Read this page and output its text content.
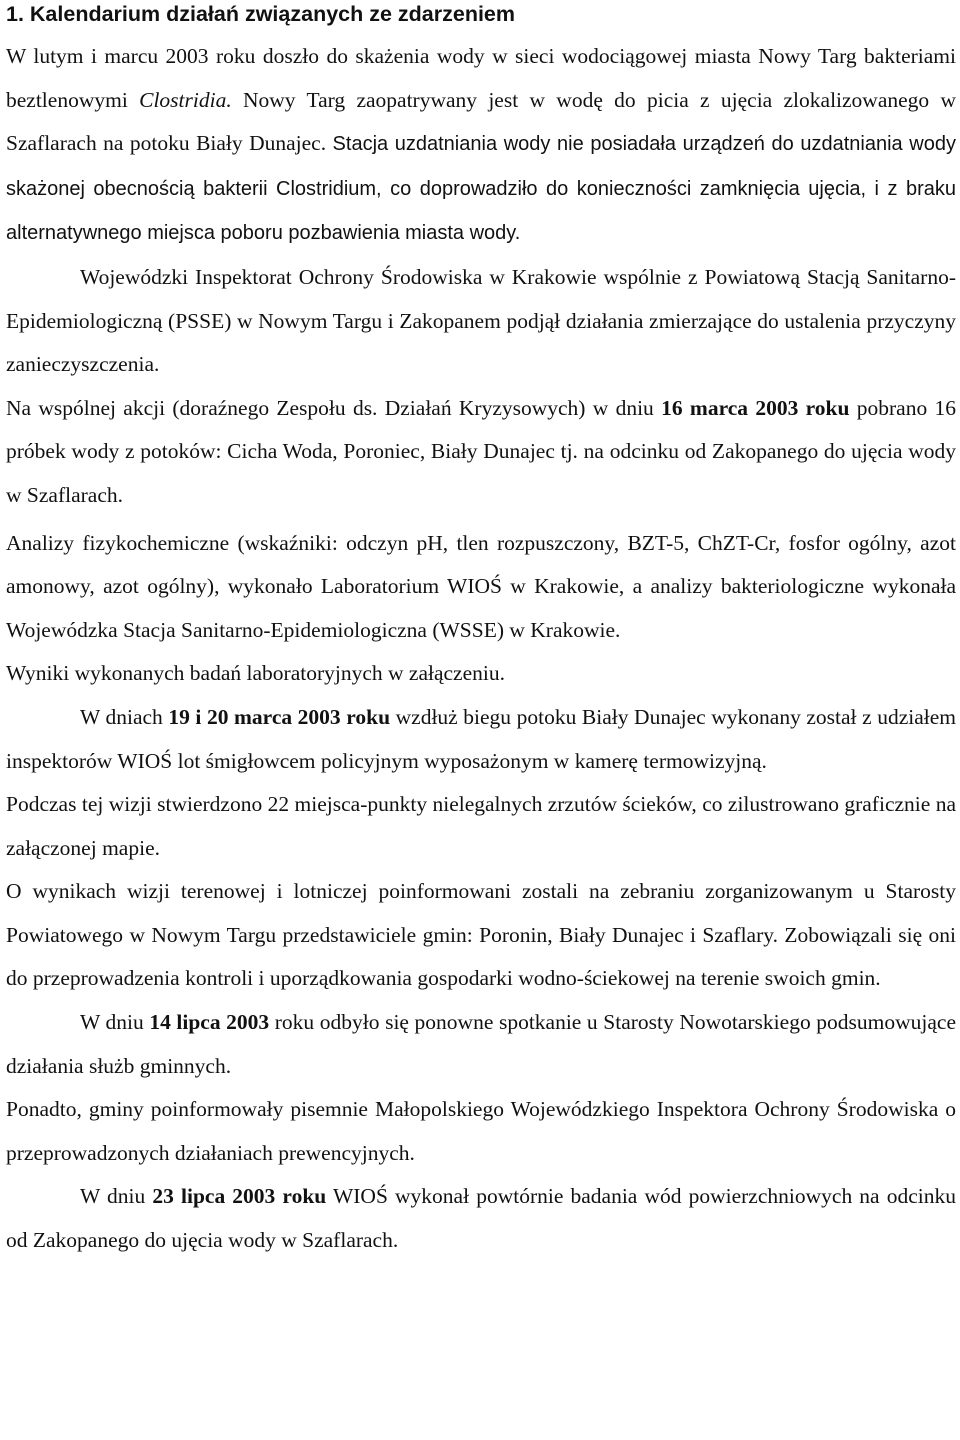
1. Kalendarium działań związanych ze zdarzeniem

W lutym i marcu 2003 roku doszło do skażenia wody w sieci wodociągowej miasta Nowy Targ bakteriami beztlenowymi Clostridia. Nowy Targ zaopatrywany jest w wodę do picia z ujęcia zlokalizowanego w Szaflarach na potoku Biały Dunajec. Stacja uzdatniania wody nie posiadała urządzeń do uzdatniania wody skażonej obecnością bakterii Clostridium, co doprowadziło do konieczności zamknięcia ujęcia, i z braku alternatywnego miejsca poboru pozbawienia miasta wody.

Wojewódzki Inspektorat Ochrony Środowiska w Krakowie wspólnie z Powiatową Stacją Sanitarno-Epidemiologiczną (PSSE) w Nowym Targu i Zakopanem podjął działania zmierzające do ustalenia przyczyny zanieczyszczenia.

Na wspólnej akcji (doraźnego Zespołu ds. Działań Kryzysowych) w dniu 16 marca 2003 roku pobrano 16 próbek wody z potoków: Cicha Woda, Poroniec, Biały Dunajec tj. na odcinku od Zakopanego do ujęcia wody w Szaflarach.

Analizy fizykochemiczne (wskaźniki: odczyn pH, tlen rozpuszczony, BZT-5, ChZT-Cr, fosfor ogólny, azot amonowy, azot ogólny), wykonało Laboratorium WIOŚ w Krakowie, a analizy bakteriologiczne wykonała Wojewódzka Stacja Sanitarno-Epidemiologiczna (WSSE) w Krakowie.

Wyniki wykonanych badań laboratoryjnych w załączeniu.

W dniach 19 i 20 marca 2003 roku wzdłuż biegu potoku Biały Dunajec wykonany został z udziałem inspektorów WIOŚ lot śmigłowcem policyjnym wyposażonym w kamerę termowizyjną.

Podczas tej wizji stwierdzono 22 miejsca-punkty nielegalnych zrzutów ścieków, co zilustrowano graficznie na załączonej mapie.

O wynikach wizji terenowej i lotniczej poinformowani zostali na zebraniu zorganizowanym u Starosty Powiatowego w Nowym Targu przedstawiciele gmin: Poronin, Biały Dunajec i Szaflary. Zobowiązali się oni do przeprowadzenia kontroli i uporządkowania gospodarki wodno-ściekowej na terenie swoich gmin.

W dniu 14 lipca 2003 roku odbyło się ponowne spotkanie u Starosty Nowotarskiego podsumowujące działania służb gminnych.

Ponadto, gminy poinformowały pisemnie Małopolskiego Wojewódzkiego Inspektora Ochrony Środowiska o przeprowadzonych działaniach prewencyjnych.

W dniu 23 lipca 2003 roku WIOŚ wykonał powtórnie badania wód powierzchniowych na odcinku od Zakopanego do ujęcia wody w Szaflarach.
